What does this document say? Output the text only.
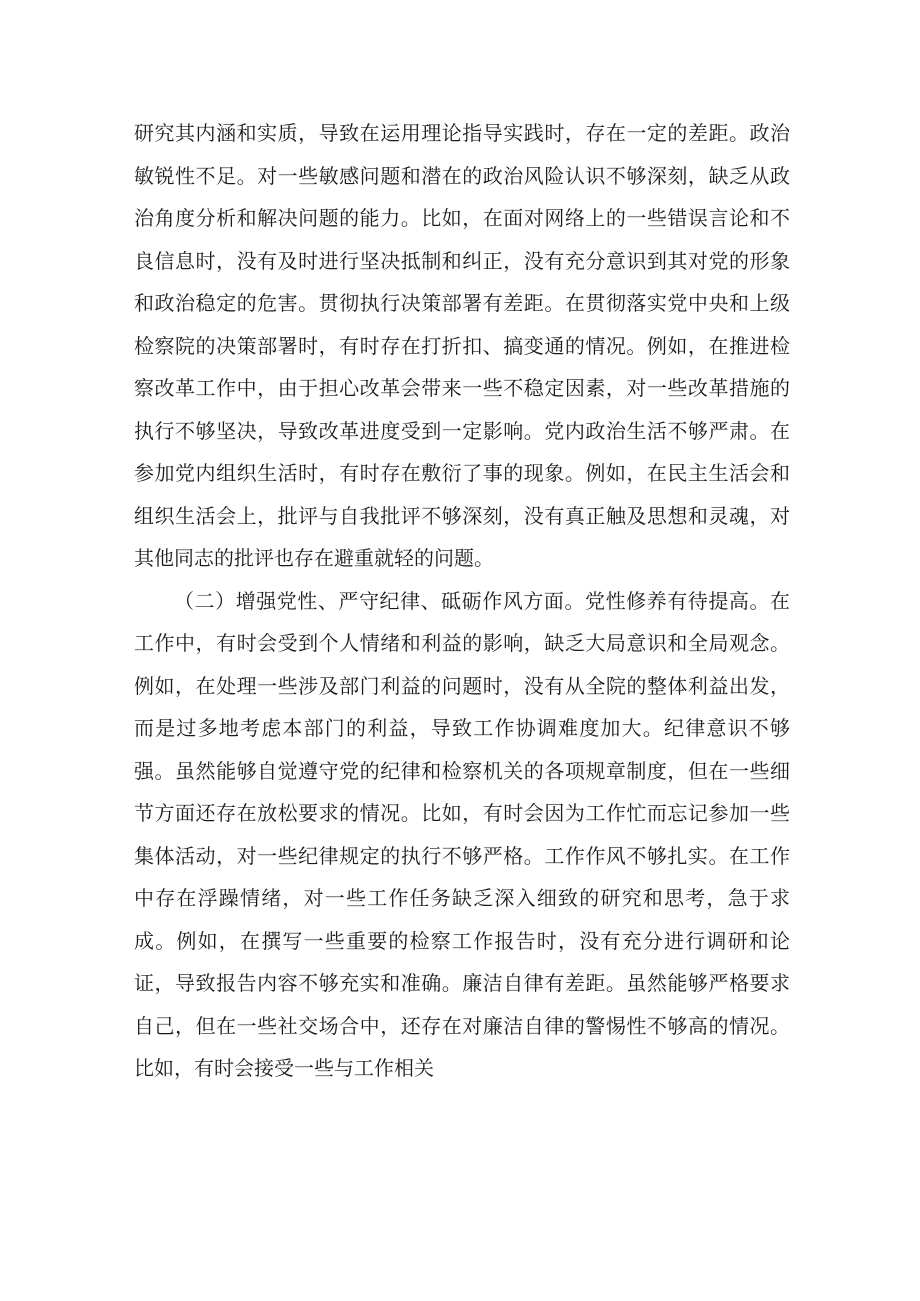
研究其内涵和实质，导致在运用理论指导实践时，存在一定的差距。政治敏锐性不足。对一些敏感问题和潜在的政治风险认识不够深刻，缺乏从政治角度分析和解决问题的能力。比如，在面对网络上的一些错误言论和不良信息时，没有及时进行坚决抵制和纠正，没有充分意识到其对党的形象和政治稳定的危害。贯彻执行决策部署有差距。在贯彻落实党中央和上级检察院的决策部署时，有时存在打折扣、搞变通的情况。例如，在推进检察改革工作中，由于担心改革会带来一些不稳定因素，对一些改革措施的执行不够坚决，导致改革进度受到一定影响。党内政治生活不够严肃。在参加党内组织生活时，有时存在敷衍了事的现象。例如，在民主生活会和组织生活会上，批评与自我批评不够深刻，没有真正触及思想和灵魂，对其他同志的批评也存在避重就轻的问题。

（二）增强党性、严守纪律、砥砺作风方面。党性修养有待提高。在工作中，有时会受到个人情绪和利益的影响，缺乏大局意识和全局观念。例如，在处理一些涉及部门利益的问题时，没有从全院的整体利益出发，而是过多地考虑本部门的利益，导致工作协调难度加大。纪律意识不够强。虽然能够自觉遵守党的纪律和检察机关的各项规章制度，但在一些细节方面还存在放松要求的情况。比如，有时会因为工作忙而忘记参加一些集体活动，对一些纪律规定的执行不够严格。工作作风不够扎实。在工作中存在浮躁情绪，对一些工作任务缺乏深入细致的研究和思考，急于求成。例如，在撰写一些重要的检察工作报告时，没有充分进行调研和论证，导致报告内容不够充实和准确。廉洁自律有差距。虽然能够严格要求自己，但在一些社交场合中，还存在对廉洁自律的警惕性不够高的情况。比如，有时会接受一些与工作相关
